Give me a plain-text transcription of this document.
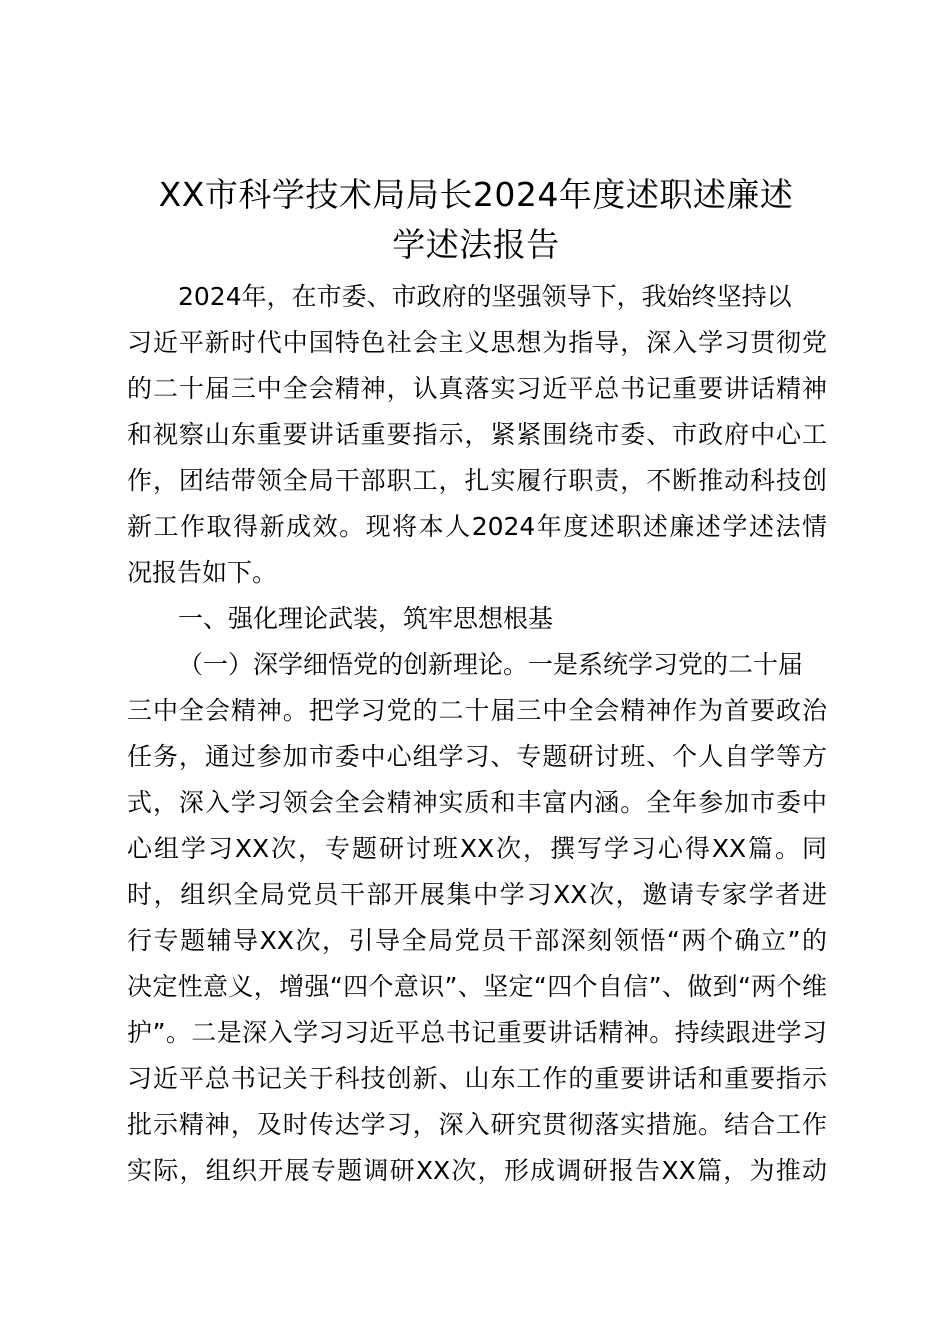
XX市科学技术局局长2024年度述职述廉述
学述法报告
2024年，在市委、市政府的坚强领导下，我始终坚持以
习近平新时代中国特色社会主义思想为指导，深入学习贯彻党
的二十届三中全会精神，认真落实习近平总书记重要讲话精神
和视察山东重要讲话重要指示，紧紧围绕市委、市政府中心工
作，团结带领全局干部职工，扎实履行职责，不断推动科技创
新工作取得新成效。现将本人2024年度述职述廉述学述法情
况报告如下。
一、强化理论武装，筑牢思想根基
（一）深学细悟党的创新理论。一是系统学习党的二十届
三中全会精神。把学习党的二十届三中全会精神作为首要政治
任务，通过参加市委中心组学习、专题研讨班、个人自学等方
式，深入学习领会全会精神实质和丰富内涵。全年参加市委中
心组学习XX次，专题研讨班XX次，撰写学习心得XX篇。同
时，组织全局党员干部开展集中学习XX次，邀请专家学者进
行专题辅导XX次，引导全局党员干部深刻领悟“两个确立”的
决定性意义，增强“四个意识”、坚定“四个自信”、做到“两个维
护”。二是深入学习习近平总书记重要讲话精神。持续跟进学习
习近平总书记关于科技创新、山东工作的重要讲话和重要指示
批示精神，及时传达学习，深入研究贯彻落实措施。结合工作
实际，组织开展专题调研XX次，形成调研报告XX篇，为推动
